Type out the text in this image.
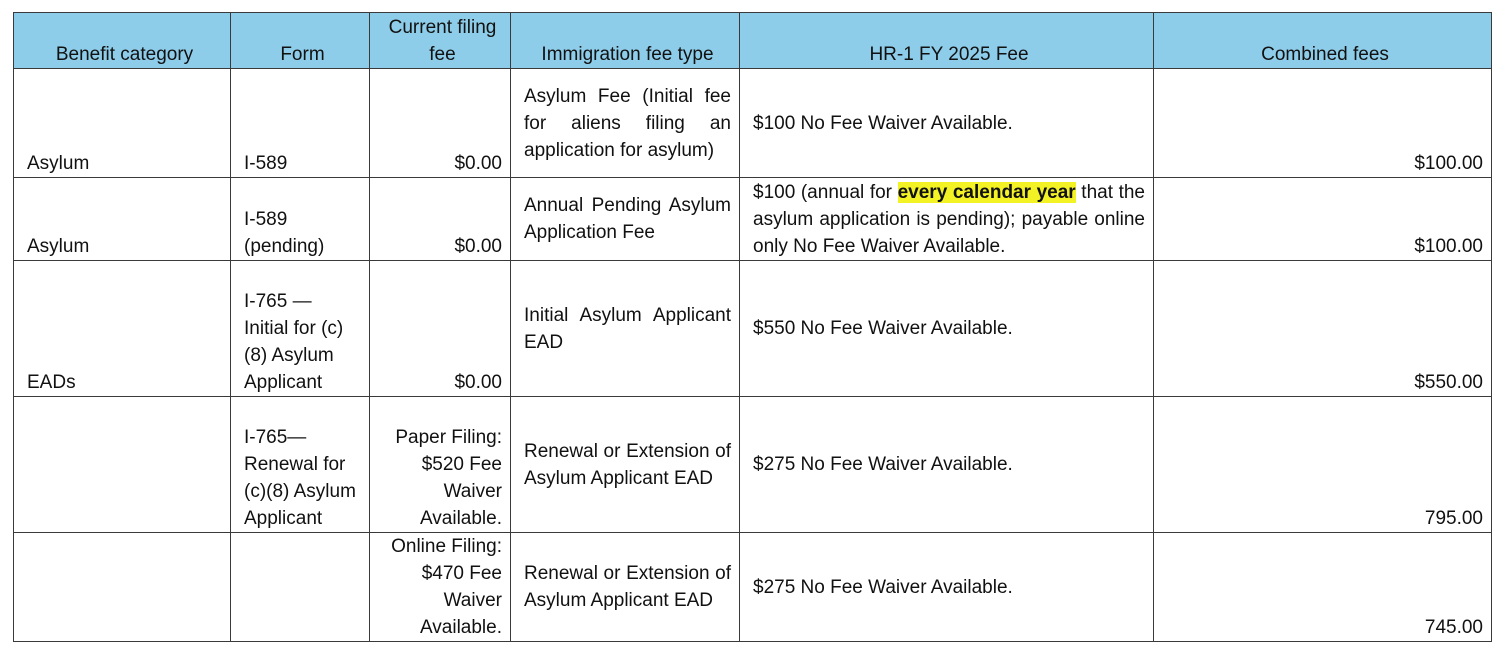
Benefit category	Form	Current filing fee	Immigration fee type	HR-1 FY 2025 Fee	Combined fees
Asylum	I-589	$0.00	Asylum Fee (Initial fee for aliens filing an application for asylum)	$100 No Fee Waiver Available.	$100.00
Asylum	I-589 (pending)	$0.00	Annual Pending Asylum Application Fee	$100 (annual for every calendar year that the asylum application is pending); payable online only No Fee Waiver Available.	$100.00
EADs	I-765 — Initial for (c)(8) Asylum Applicant	$0.00	Initial Asylum Applicant EAD	$550 No Fee Waiver Available.	$550.00
	I-765— Renewal for (c)(8) Asylum Applicant	Paper Filing: $520 Fee Waiver Available.	Renewal or Extension of Asylum Applicant EAD	$275 No Fee Waiver Available.	795.00
		Online Filing: $470 Fee Waiver Available.	Renewal or Extension of Asylum Applicant EAD	$275 No Fee Waiver Available.	745.00
